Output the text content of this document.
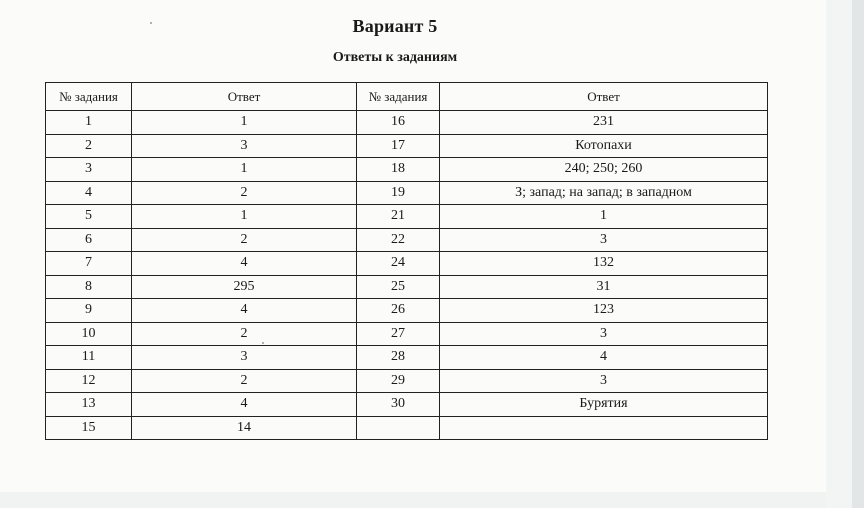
Вариант 5
Ответы к заданиям
№ задания	Ответ	№ задания	Ответ
1	1	16	231
2	3	17	Котопахи
3	1	18	240; 250; 260
4	2	19	З; запад; на запад; в западном
5	1	21	1
6	2	22	3
7	4	24	132
8	295	25	31
9	4	26	123
10	2	27	3
11	3	28	4
12	2	29	3
13	4	30	Бурятия
15	14		
